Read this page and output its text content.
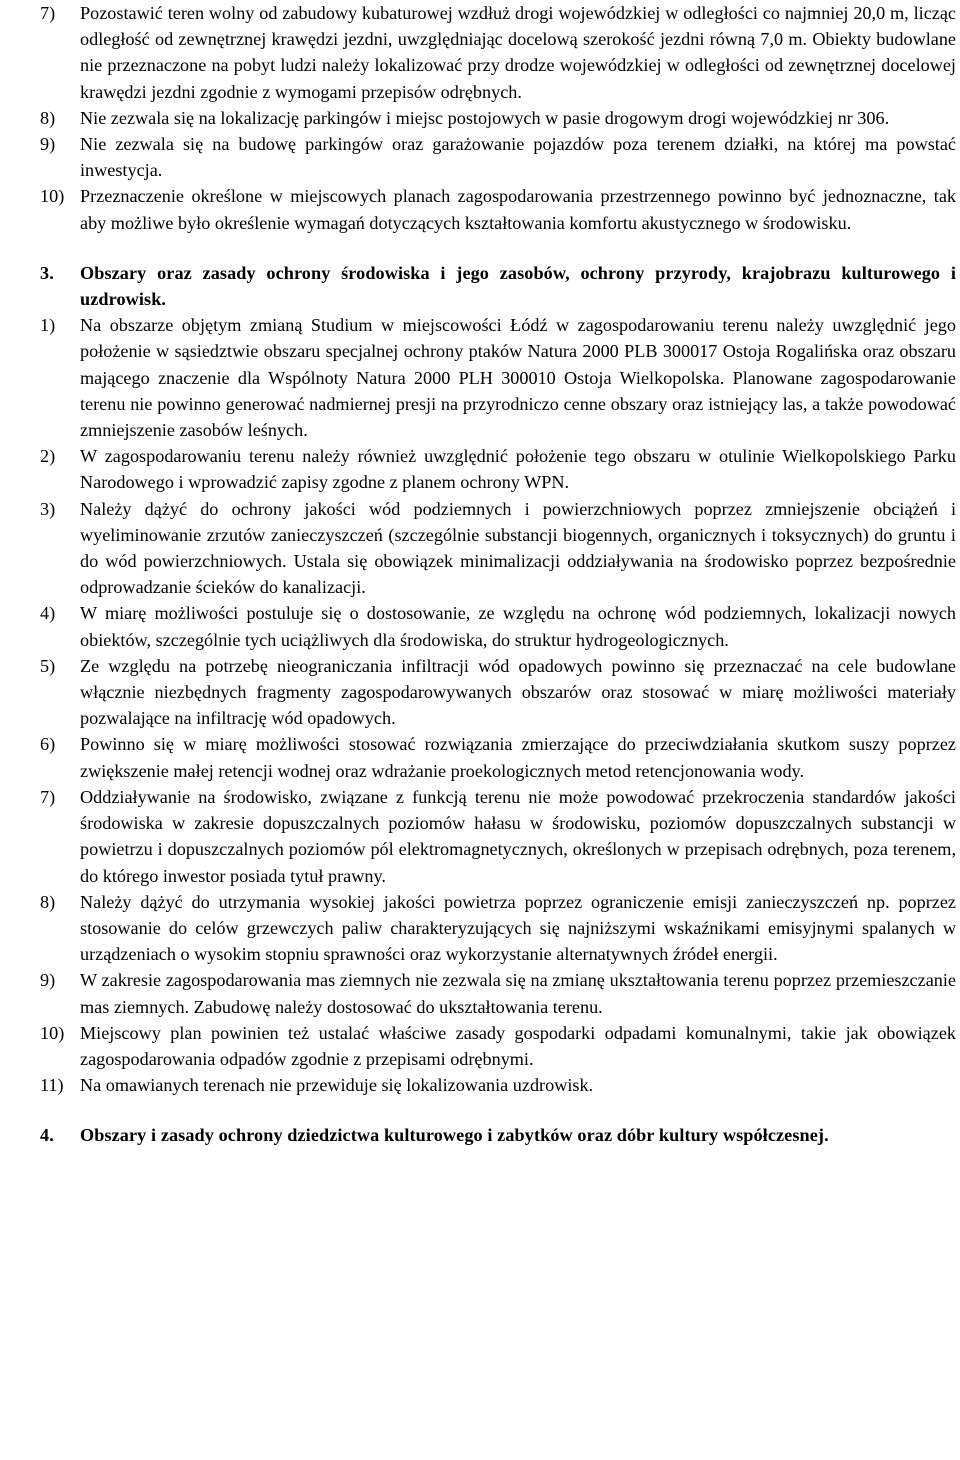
7)	Pozostawić teren wolny od zabudowy kubaturowej wzdłuż drogi wojewódzkiej w odległości co najmniej 20,0 m, licząc odległość od zewnętrznej krawędzi jezdni, uwzględniając docelową szerokość jezdni równą 7,0 m. Obiekty budowlane nie przeznaczone na pobyt ludzi należy lokalizować przy drodze wojewódzkiej w odległości od zewnętrznej docelowej krawędzi jezdni zgodnie z wymogami przepisów odrębnych.
8)	Nie zezwala się na lokalizację parkingów i miejsc postojowych w pasie drogowym drogi wojewódzkiej nr 306.
9)	Nie zezwala się na budowę parkingów oraz garażowanie pojazdów poza terenem działki, na której ma powstać inwestycja.
10) Przeznaczenie określone w miejscowych planach zagospodarowania przestrzennego powinno być jednoznaczne, tak aby możliwe było określenie wymagań dotyczących kształtowania komfortu akustycznego w środowisku.
3.	Obszary oraz zasady ochrony środowiska i jego zasobów, ochrony przyrody, krajobrazu kulturowego i uzdrowisk.
1)	Na obszarze objętym zmianą Studium w miejscowości Łódź w zagospodarowaniu terenu należy uwzględnić jego położenie w sąsiedztwie obszaru specjalnej ochrony ptaków Natura 2000 PLB 300017 Ostoja Rogalińska oraz obszaru mającego znaczenie dla Wspólnoty Natura 2000 PLH 300010 Ostoja Wielkopolska. Planowane zagospodarowanie terenu nie powinno generować nadmiernej presji na przyrodniczo cenne obszary oraz istniejący las, a także powodować zmniejszenie zasobów leśnych.
2)	W zagospodarowaniu terenu należy również uwzględnić położenie tego obszaru w otulinie Wielkopolskiego Parku Narodowego i wprowadzić zapisy zgodne z planem ochrony WPN.
3)	Należy dążyć do ochrony jakości wód podziemnych i powierzchniowych poprzez zmniejszenie obciążeń i wyeliminowanie zrzutów zanieczyszczeń (szczególnie substancji biogennych, organicznych i toksycznych) do gruntu i do wód powierzchniowych. Ustala się obowiązek minimalizacji oddziaływania na środowisko poprzez bezpośrednie odprowadzanie ścieków do kanalizacji.
4)	W miarę możliwości postuluje się o dostosowanie, ze względu na ochronę wód podziemnych, lokalizacji nowych obiektów, szczególnie tych uciążliwych dla środowiska, do struktur hydrogeologicznych.
5)	Ze względu na potrzebę nieograniczania infiltracji wód opadowych powinno się przeznaczać na cele budowlane włącznie niezbędnych fragmenty zagospodarowywanych obszarów oraz stosować w miarę możliwości materiały pozwalające na infiltrację wód opadowych.
6)	Powinno się w miarę możliwości stosować rozwiązania zmierzające do przeciwdziałania skutkom suszy poprzez zwiększenie małej retencji wodnej oraz wdrażanie proekologicznych metod retencjonowania wody.
7)	Oddziaływanie na środowisko, związane z funkcją terenu nie może powodować przekroczenia standardów jakości środowiska w zakresie dopuszczalnych poziomów hałasu w środowisku, poziomów dopuszczalnych substancji w powietrzu i dopuszczalnych poziomów pól elektromagnetycznych, określonych w przepisach odrębnych, poza terenem, do którego inwestor posiada tytuł prawny.
8)	Należy dążyć do utrzymania wysokiej jakości powietrza poprzez ograniczenie emisji zanieczyszczeń np. poprzez stosowanie do celów grzewczych paliw charakteryzujących się najniższymi wskaźnikami emisyjnymi spalanych w urządzeniach o wysokim stopniu sprawności oraz wykorzystanie alternatywnych źródeł energii.
9)	W zakresie zagospodarowania mas ziemnych nie zezwala się na zmianę ukształtowania terenu poprzez przemieszczanie mas ziemnych. Zabudowę należy dostosować do ukształtowania terenu.
10) Miejscowy plan powinien też ustalać właściwe zasady gospodarki odpadami komunalnymi, takie jak obowiązek zagospodarowania odpadów zgodnie z przepisami odrębnymi.
11) Na omawianych terenach nie przewiduje się lokalizowania uzdrowisk.
4.	Obszary i zasady ochrony dziedzictwa kulturowego i zabytków oraz dóbr kultury współczesnej.
